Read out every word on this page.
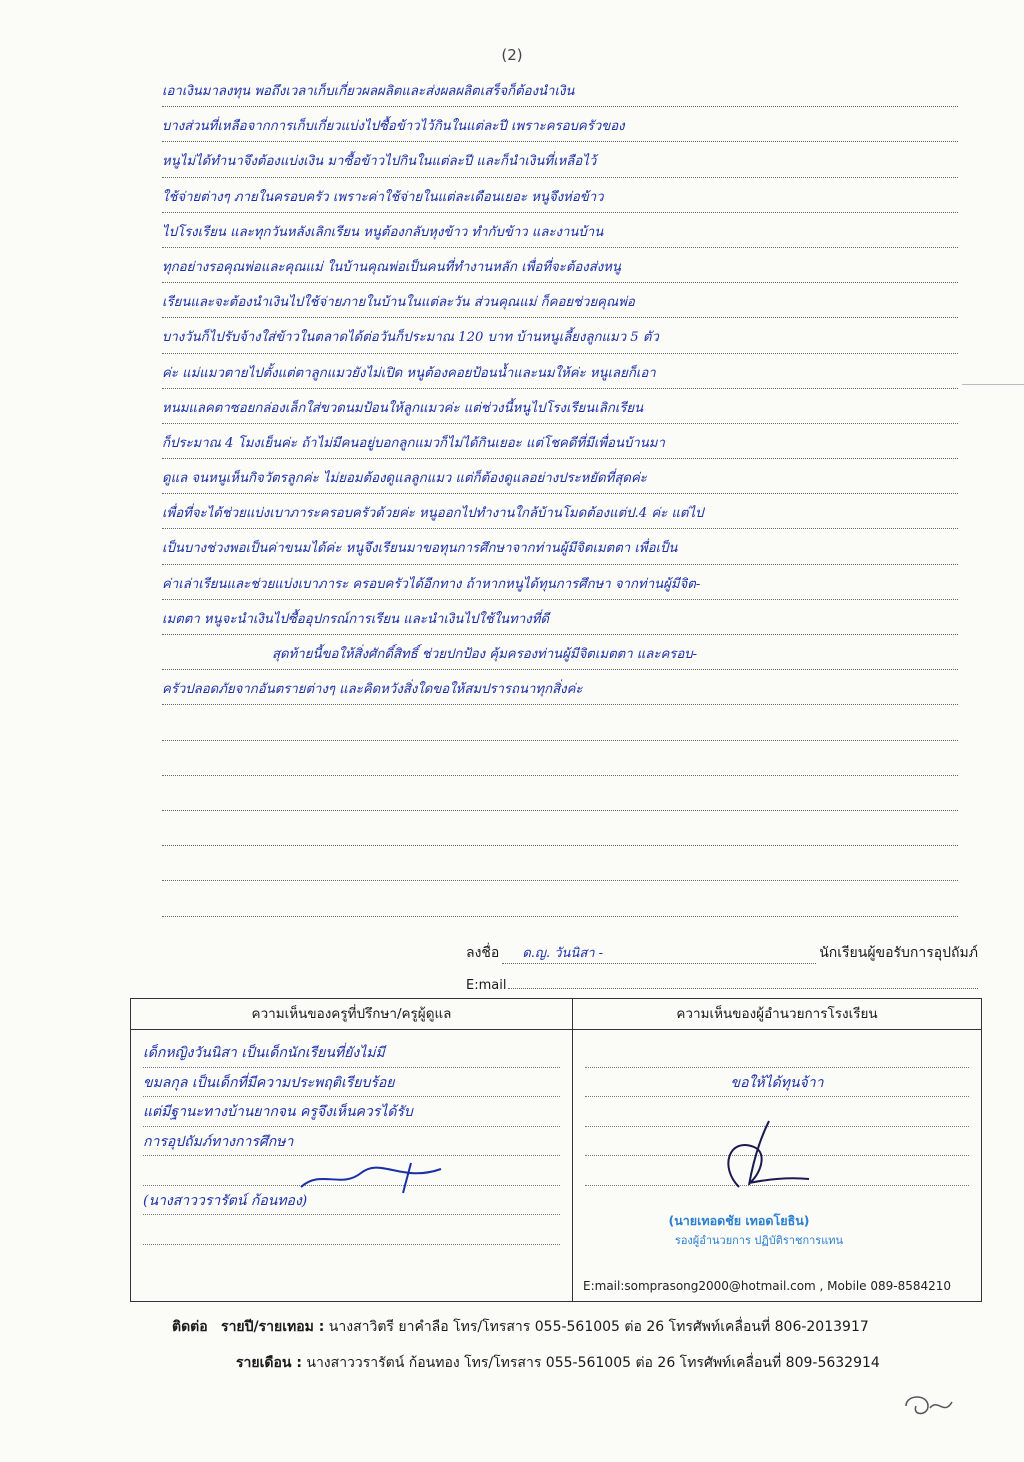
(2)
เอาเงินมาลงทุน พอถึงเวลาเก็บเกี่ยวผลผลิตและส่งผลผลิตเสร็จก็ต้องนำเงิน
บางส่วนที่เหลือจากการเก็บเกี่ยวแบ่งไปซื้อข้าวไว้กินในแต่ละปี เพราะครอบครัวของ
หนูไม่ได้ทำนาจึงต้องแบ่งเงิน มาซื้อข้าวไปกินในแต่ละปี และก็นำเงินที่เหลือไว้
ใช้จ่ายต่างๆ ภายในครอบครัว เพราะค่าใช้จ่ายในแต่ละเดือนเยอะ หนูจึงห่อข้าว
ไปโรงเรียน และทุกวันหลังเลิกเรียน หนูต้องกลับหุงข้าว ทำกับข้าว และงานบ้าน
ทุกอย่างรอคุณพ่อและคุณแม่ ในบ้านคุณพ่อเป็นคนที่ทำงานหลัก เพื่อที่จะต้องส่งหนู
เรียนและจะต้องนำเงินไปใช้จ่ายภายในบ้านในแต่ละวัน ส่วนคุณแม่ ก็คอยช่วยคุณพ่อ
บางวันก็ไปรับจ้างใส่ข้าวในตลาดได้ต่อวันก็ประมาณ 120 บาท บ้านหนูเลี้ยงลูกแมว 5 ตัว
ค่ะ แม่แมวตายไปตั้งแต่ตาลูกแมวยังไม่เปิด หนูต้องคอยป้อนน้ำและนมให้ค่ะ หนูเลยก็เอา
หนมแลคตาซอยกล่องเล็กใส่ขวดนมป้อนให้ลูกแมวค่ะ แต่ช่วงนี้หนูไปโรงเรียนเลิกเรียน
ก็ประมาณ 4 โมงเย็นค่ะ ถ้าไม่มีคนอยู่บอกลูกแมวก็ไม่ได้กินเยอะ แต่โชคดีที่มีเพื่อนบ้านมา
ดูแล จนหนูเห็นกิจวัตรลูกค่ะ ไม่ยอมต้องดูแลลูกแมว แต่ก็ต้องดูแลอย่างประหยัดที่สุดค่ะ
เพื่อที่จะได้ช่วยแบ่งเบาภาระครอบครัวด้วยค่ะ หนูออกไปทำงานใกล้บ้านโมดต้องแต่ป.4 ค่ะ แต่ไป
เป็นบางช่วงพอเป็นค่าขนมได้ค่ะ หนูจึงเรียนมาขอทุนการศึกษาจากท่านผู้มีจิตเมตตา เพื่อเป็น
ค่าเล่าเรียนและช่วยแบ่งเบาภาระ ครอบครัวได้อีกทาง ถ้าหากหนูได้ทุนการศึกษา จากท่านผู้มีจิต-
เมตตา หนูจะนำเงินไปซื้ออุปกรณ์การเรียน และนำเงินไปใช้ในทางที่ดี
สุดท้ายนี้ขอให้สิ่งศักดิ์สิทธิ์ ช่วยปกป้อง คุ้มครองท่านผู้มีจิตเมตตา และครอบ-
ครัวปลอดภัยจากอันตรายต่างๆ และคิดหวังสิ่งใดขอให้สมปรารถนาทุกสิ่งค่ะ
ลงชื่อ	ด.ญ. วันนิสา -	นักเรียนผู้ขอรับการอุปถัมภ์
E:mail
ความเห็นของครูที่ปรึกษา/ครูผู้ดูแล
เด็กหญิงวันนิสา เป็นเด็กนักเรียนที่ยังไม่มี
ขมลกุล เป็นเด็กที่มีความประพฤติเรียบร้อย
แต่มีฐานะทางบ้านยากจน ครูจึงเห็นควรได้รับ
การอุปถัมภ์ทางการศึกษา
(นางสาววรารัตน์ ก้อนทอง)
ความเห็นของผู้อำนวยการโรงเรียน
ขอให้ได้ทุนจ้าา
(นายเทอดชัย เทอดโยธิน)
รองผู้อำนวยการ ปฏิบัติราชการแทน
E:mail:somprasong2000@hotmail.com , Mobile 089-8584210
ติดต่อ รายปี/รายเทอม : นางสาวิตรี ยาคำลือ โทร/โทรสาร 055-561005 ต่อ 26 โทรศัพท์เคลื่อนที่ 806-2013917
รายเดือน : นางสาววรารัตน์ ก้อนทอง โทร/โทรสาร 055-561005 ต่อ 26 โทรศัพท์เคลื่อนที่ 809-5632914
